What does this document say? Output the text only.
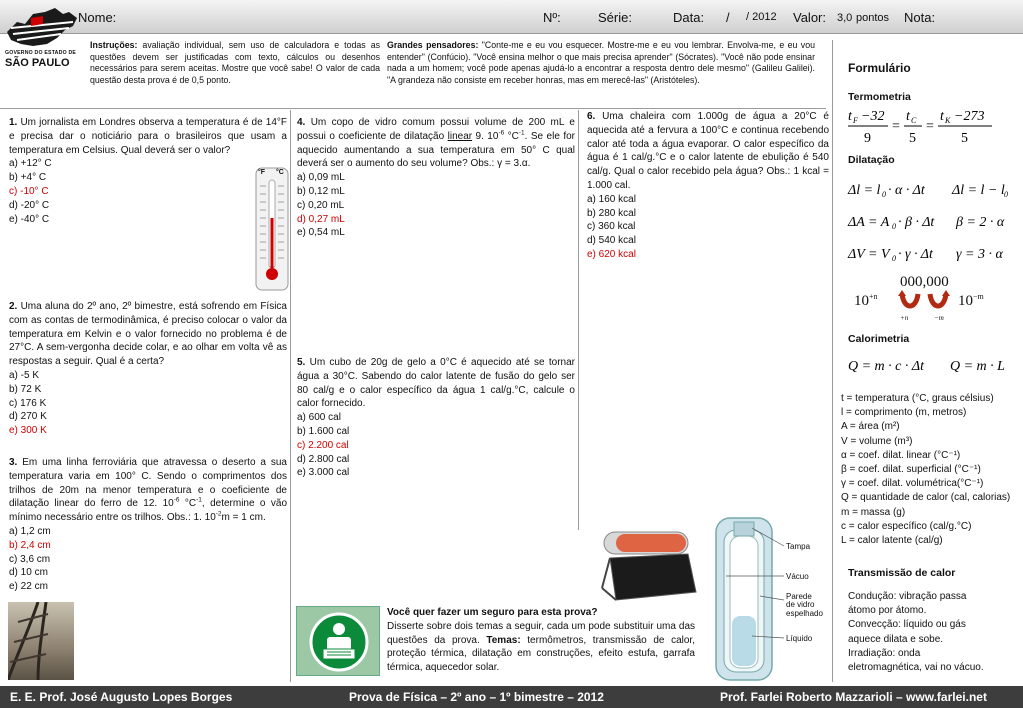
Nome:	Nº:	Série:	Data: / / 2012 Valor: 3,0 pontos Nota:
GOVERNO DO ESTADO DE
SÃO PAULO
Instruções: avaliação individual, sem uso de calculadora e todas as questões devem ser justificadas com texto, cálculos ou desenhos necessários para serem aceitas. Mostre que você sabe! O valor de cada questão desta prova é de 0,5 ponto.
Grandes pensadores: "Conte-me e eu vou esquecer. Mostre-me e eu vou lembrar. Envolva-me, e eu vou entender" (Confúcio). "Você ensina melhor o que mais precisa aprender" (Sócrates). "Você não pode ensinar nada a um homem; você pode apenas ajudá-lo a encontrar a resposta dentro dele mesmo" (Galileu Galilei). "A grandeza não consiste em receber honras, mas em merecê-las" (Aristóteles).
1. Um jornalista em Londres observa a temperatura é de 14°F e precisa dar o noticiário para o brasileiros que usam a temperatura em Celsius. Qual deverá ser o valor?
a) +12° C
b) +4° C
c) -10° C
d) -20° C
e) -40° C
°F °C
2. Uma aluna do 2º ano, 2º bimestre, está sofrendo em Física com as contas de termodinâmica, é preciso colocar o valor da temperatura em Kelvin e o valor fornecido no problema é de 27°C. A sem-vergonha decide colar, e ao olhar em volta vê as respostas a seguir. Qual é a certa?
a) -5 K
b) 72 K
c) 176 K
d) 270 K
e) 300 K
3. Em uma linha ferroviária que atravessa o deserto a sua temperatura varia em 100° C. Sendo o comprimentos dos trilhos de 20m na menor temperatura e o coeficiente de dilatação linear do ferro de 12. $10^{-6}$ $^\circ C^{-1}$, determine o vão mínimo necessário entre os trilhos. Obs.: 1. $10^{-2}m = 1$ cm.
a) 1,2 cm
b) 2,4 cm
c) 3,6 cm
d) 10 cm
e) 22 cm
4. Um copo de vidro comum possui volume de 200 mL e possui o coeficiente de dilatação linear 9. $10^{-6}$ $^\circ C^{-1}$. Se ele for aquecido aumentando a sua temperatura em 50° C qual deverá ser o aumento do seu volume? Obs.: γ = 3.α.
a) 0,09 mL
b) 0,12 mL
c) 0,20 mL
d) 0,27 mL
e) 0,54 mL
5. Um cubo de 20g de gelo a 0°C é aquecido até se tornar água a 30°C. Sabendo do calor latente de fusão do gelo ser 80 cal/g e o calor específico da água 1 cal/g.°C, calcule o calor fornecido.
a) 600 cal
b) 1.600 cal
c) 2.200 cal
d) 2.800 cal
e) 3.000 cal
6. Uma chaleira com 1.000g de água a 20°C é aquecida até a fervura a 100°C e continua recebendo calor até toda a água evaporar. O calor específico da água é 1 cal/g.°C e o calor latente de ebulição é 540 cal/g. Qual o calor recebido pela água? Obs.: 1 kcal = 1.000 cal.
a) 160 kcal
b) 280 kcal
c) 360 kcal
d) 540 kcal
e) 620 kcal
Você quer fazer um seguro para esta prova?
Disserte sobre dois temas a seguir, cada um pode substituir uma das questões da prova. Temas: termômetros, transmissão de calor, proteção térmica, dilatação em construções, efeito estufa, garrafa térmica, aquecedor solar.
Tampa
Vácuo
Parede
de vidro
espelhado
Líquido
Formulário
Termometria
t F −32
9
=
t C
5
=
t K −273
5
Dilatação
Δl = l 0 · α · Δt Δl = l − l 0
ΔA = A 0 · β · Δt β = 2 · α
ΔV = V 0 · γ · Δt γ = 3 · α
000,000
$10^{+n}$	$10^{-m}$
+n	−m
Calorimetria
Q = m · c · Δt Q = m · L
t = temperatura (°C, graus célsius)
l = comprimento (m, metros)
A = área (m²)
V = volume (m³)
α = coef. dilat. linear (°C⁻¹)
β = coef. dilat. superficial (°C⁻¹)
γ = coef. dilat. volumétrica(°C⁻¹)
Q = quantidade de calor (cal, calorias)
m = massa (g)
c = calor específico (cal/g.°C)
L = calor latente (cal/g)
Transmissão de calor
Condução: vibração passa
átomo por átomo.
Convecção: líquido ou gás
aquece dilata e sobe.
Irradiação: onda
eletromagnética, vai no vácuo.
E. E. Prof. José Augusto Lopes Borges	Prova de Física – 2º ano – 1º bimestre – 2012	Prof. Farlei Roberto Mazzarioli – www.farlei.net
